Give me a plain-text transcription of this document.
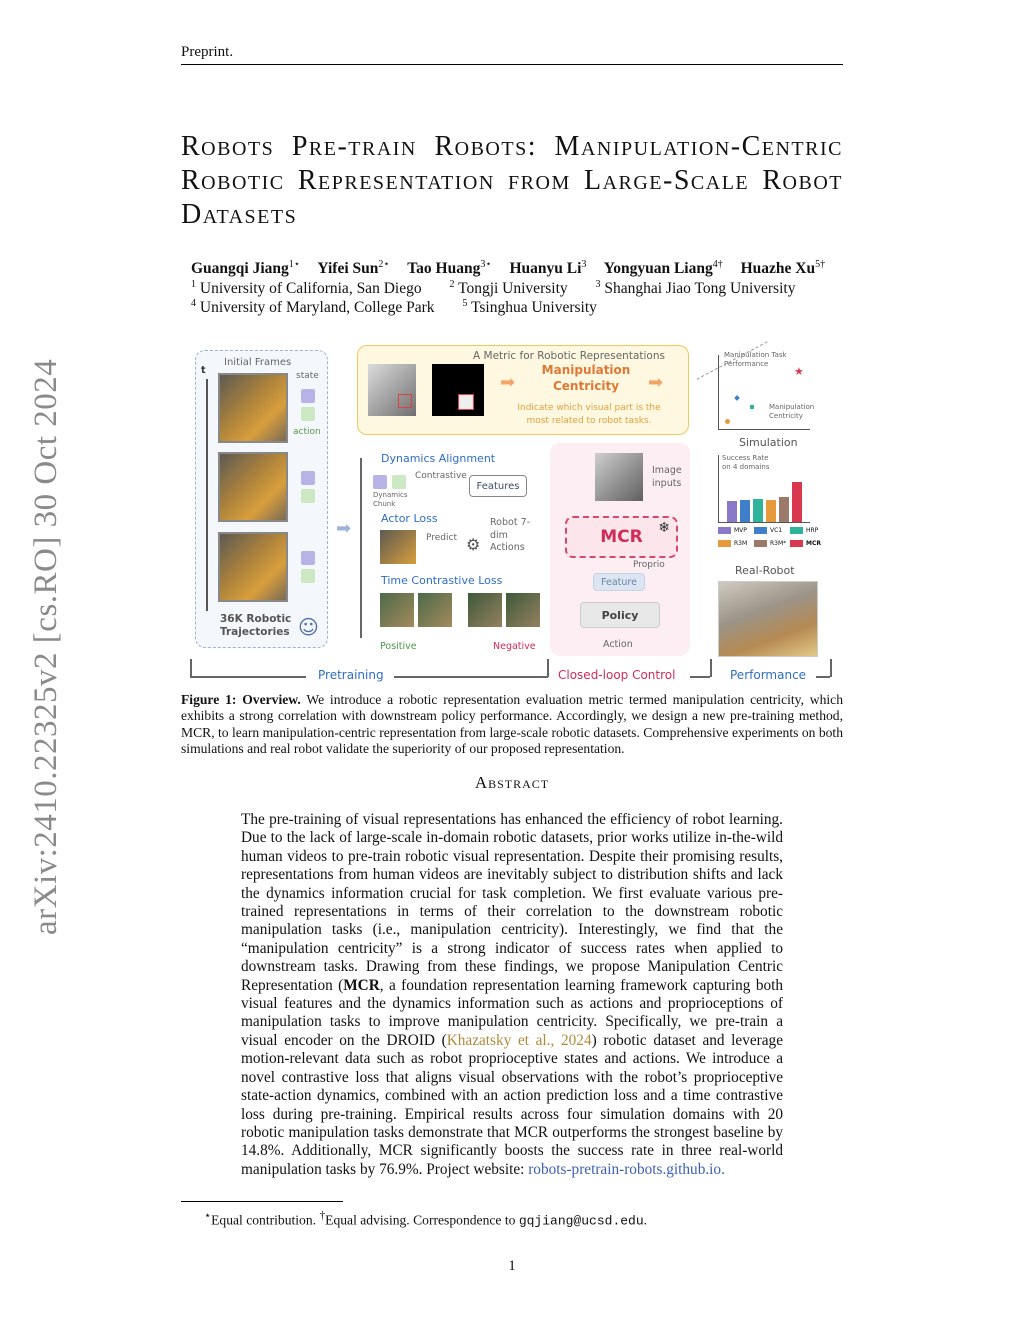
Preprint.
Robots Pre-train Robots: Manipulation-Centric Robotic Representation from Large-Scale Robot Datasets
Guangqi Jiang$^{1⋆}$ Yifei Sun$^{2⋆}$ Tao Huang$^{3⋆}$ Huanyu Li$^3$ Yongyuan Liang$^{4\dagger}$ Huazhe $Xu^{5\dagger}$
$^1$ University of California, San Diego	$^2$ Tongji University	$^3$ Shanghai Jiao Tong University
$^4$ University of Maryland, College Park	$^5$ Tsinghua University
arXiv:2410.22325v2 [cs.RO] 30 Oct 2024	Initial Frames
t	state
action
36K Robotic Trajectories ☺
➡
A Metric for Robotic Representations
➡
Manipulation Centricity	➡
Indicate which visual part is the most related to robot tasks.
Dynamics Alignment
Dynamics Chunk
Contrastive
Features
Actor Loss
Predict ⚙
Robot 7-dim Actions
Time Contrastive Loss
Positive	Negative
Image inputs
MCR ❄
Proprio
Feature
Policy
Action
Manipulation Task Performance
Manipulation Centricity
★
Simulation
Success Rate on 4 domains
MVP	VC1	HRP
R3M	R3M*	MCR
Real-Robot
Pretraining	Closed-loop Control	Performance
Figure 1: Overview. We introduce a robotic representation evaluation metric termed manipulation centricity, which exhibits a strong correlation with downstream policy performance. Accordingly, we design a new pre-training method, MCR, to learn manipulation-centric representation from large-scale robotic datasets. Comprehensive experiments on both simulations and real robot validate the superiority of our proposed representation.
Abstract
The pre-training of visual representations has enhanced the efficiency of robot learning. Due to the lack of large-scale in-domain robotic datasets, prior works utilize in-the-wild human videos to pre-train robotic visual representation. Despite their promising results, representations from human videos are inevitably subject to distribution shifts and lack the dynamics information crucial for task completion. We first evaluate various pre-trained representations in terms of their correlation to the downstream robotic manipulation tasks (i.e., manipulation centricity). Interestingly, we find that the “manipulation centricity” is a strong indicator of success rates when applied to downstream tasks. Drawing from these findings, we propose Manipulation Centric Representation (MCR, a foundation representation learning framework capturing both visual features and the dynamics information such as actions and proprioceptions of manipulation tasks to improve manipulation centricity. Specifically, we pre-train a visual encoder on the DROID (Khazatsky et al., 2024) robotic dataset and leverage motion-relevant data such as robot proprioceptive states and actions. We introduce a novel contrastive loss that aligns visual observations with the robot’s proprioceptive state-action dynamics, combined with an action prediction loss and a time contrastive loss during pre-training. Empirical results across four simulation domains with 20 robotic manipulation tasks demonstrate that MCR outperforms the strongest baseline by 14.8%. Additionally, MCR significantly boosts the success rate in three real-world manipulation tasks by 76.9%. Project website: robots-pretrain-robots.github.io.
⋆Equal contribution. †Equal advising. Correspondence to gqjiang@ucsd.edu.
1
